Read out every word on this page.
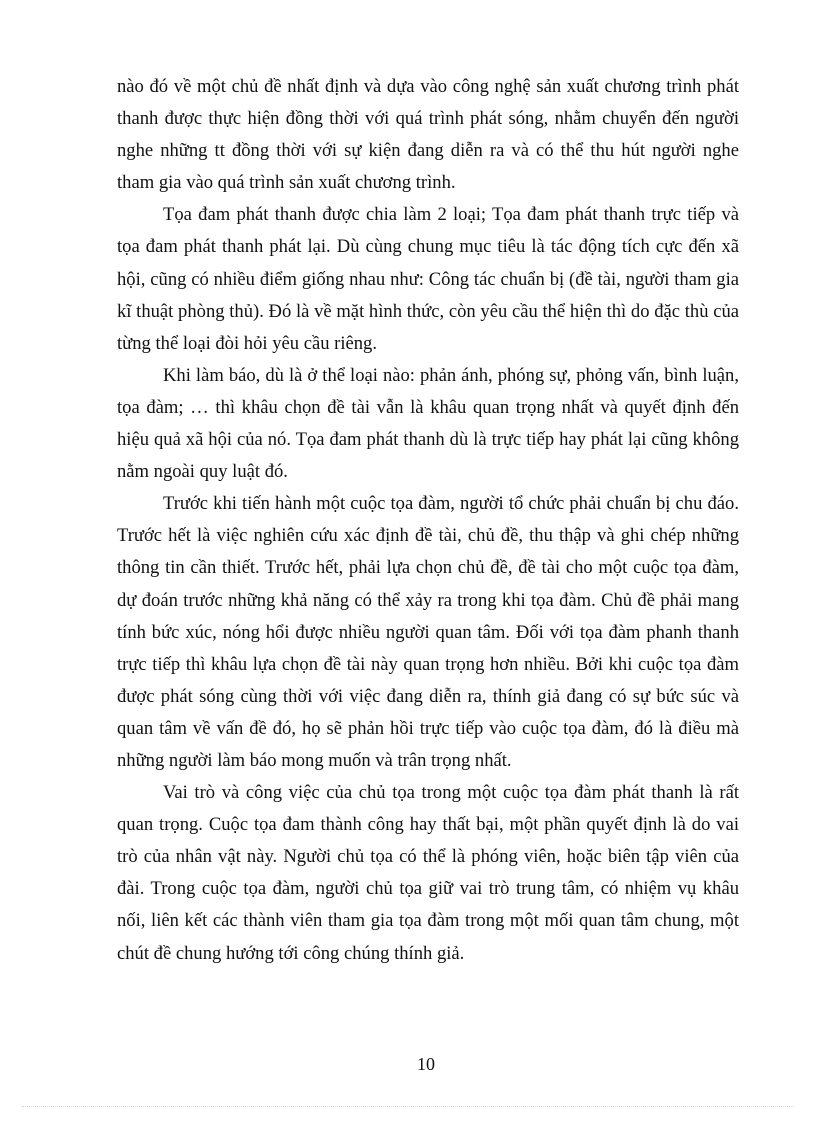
nào đó về một chủ đề nhất định và dựa vào công nghệ sản xuất chương trình phát thanh được thực hiện đồng thời với quá trình phát sóng, nhằm chuyển đến người nghe những tt đồng thời với sự kiện đang diễn ra và có thể thu hút người nghe tham gia vào quá trình sản xuất chương trình.

Tọa đam phát thanh được chia làm 2 loại; Tọa đam phát thanh trực tiếp và tọa đam phát thanh phát lại. Dù cùng chung mục tiêu là tác động tích cực đến xã hội, cũng có nhiều điểm giống nhau như: Công tác chuẩn bị (đề tài, người tham gia kĩ thuật phòng thủ). Đó là về mặt hình thức, còn yêu cầu thể hiện thì do đặc thù của từng thể loại đòi hỏi yêu cầu riêng.

Khi làm báo, dù là ở thể loại nào: phản ánh, phóng sự, phỏng vấn, bình luận, tọa đàm; … thì khâu chọn đề tài vẫn là khâu quan trọng nhất và quyết định đến hiệu quả xã hội của nó. Tọa đam phát thanh dù là trực tiếp hay phát lại cũng không nằm ngoài quy luật đó.

Trước khi tiến hành một cuộc tọa đàm, người tổ chức phải chuẩn bị chu đáo. Trước hết là việc nghiên cứu xác định đề tài, chủ đề, thu thập và ghi chép những thông tin cần thiết. Trước hết, phải lựa chọn chủ đề, đề tài cho một cuộc tọa đàm, dự đoán trước những khả năng có thể xảy ra trong khi tọa đàm. Chủ đề phải mang tính bức xúc, nóng hổi được nhiều người quan tâm. Đối với tọa đàm phanh thanh trực tiếp thì khâu lựa chọn đề tài này quan trọng hơn nhiều. Bởi khi cuộc tọa đàm được phát sóng cùng thời với việc đang diễn ra, thính giả đang có sự bức súc và quan tâm về vấn đề đó, họ sẽ phản hồi trực tiếp vào cuộc tọa đàm, đó là điều mà những người làm báo mong muốn và trân trọng nhất.

Vai trò và công việc của chủ tọa trong một cuộc tọa đàm phát thanh là rất quan trọng. Cuộc tọa đam thành công hay thất bại, một phần quyết định là do vai trò của nhân vật này. Người chủ tọa có thể là phóng viên, hoặc biên tập viên của đài. Trong cuộc tọa đàm, người chủ tọa giữ vai trò trung tâm, có nhiệm vụ khâu nối, liên kết các thành viên tham gia tọa đàm trong một mối quan tâm chung, một chút đề chung hướng tới công chúng thính giả.

10
